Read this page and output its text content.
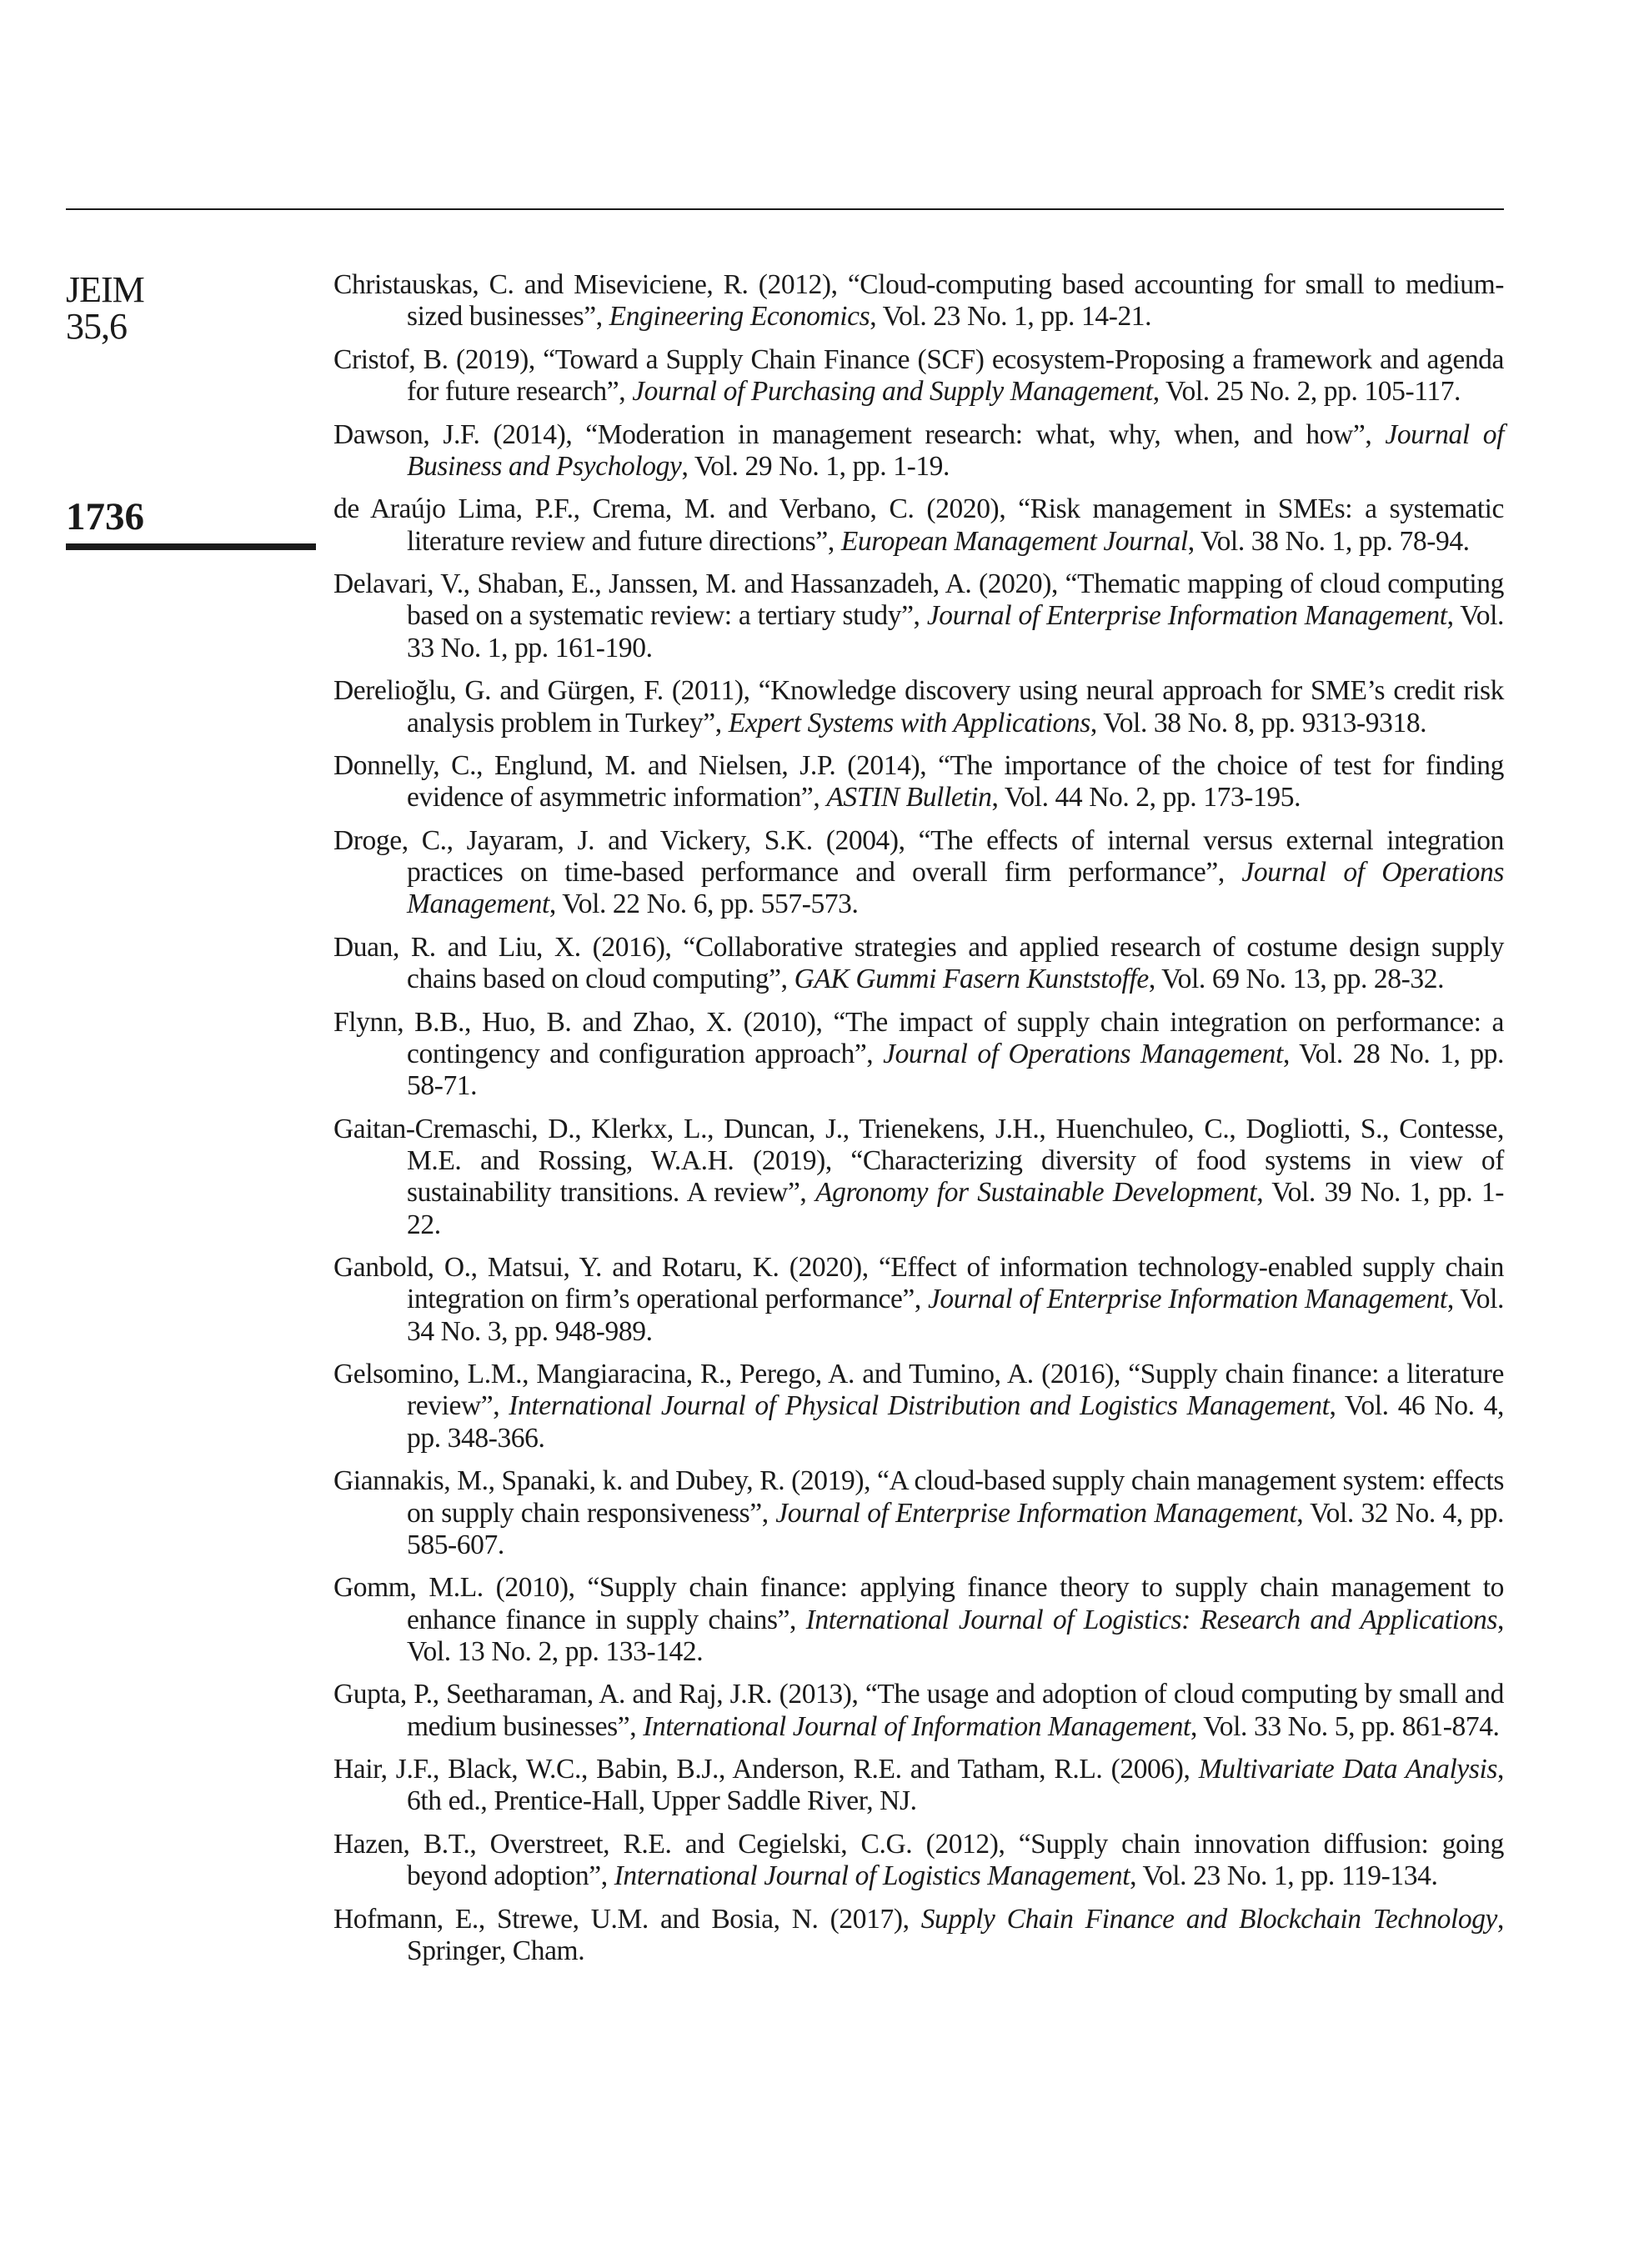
JEIM
35,6
1736

Christauskas, C. and Miseviciene, R. (2012), “Cloud-computing based accounting for small to medium-sized businesses”, Engineering Economics, Vol. 23 No. 1, pp. 14-21.

Cristof, B. (2019), “Toward a Supply Chain Finance (SCF) ecosystem-Proposing a framework and agenda for future research”, Journal of Purchasing and Supply Management, Vol. 25 No. 2, pp. 105-117.

Dawson, J.F. (2014), “Moderation in management research: what, why, when, and how”, Journal of Business and Psychology, Vol. 29 No. 1, pp. 1-19.

de Araújo Lima, P.F., Crema, M. and Verbano, C. (2020), “Risk management in SMEs: a systematic literature review and future directions”, European Management Journal, Vol. 38 No. 1, pp. 78-94.

Delavari, V., Shaban, E., Janssen, M. and Hassanzadeh, A. (2020), “Thematic mapping of cloud computing based on a systematic review: a tertiary study”, Journal of Enterprise Information Management, Vol. 33 No. 1, pp. 161-190.

Derelioğlu, G. and Gürgen, F. (2011), “Knowledge discovery using neural approach for SME’s credit risk analysis problem in Turkey”, Expert Systems with Applications, Vol. 38 No. 8, pp. 9313-9318.

Donnelly, C., Englund, M. and Nielsen, J.P. (2014), “The importance of the choice of test for finding evidence of asymmetric information”, ASTIN Bulletin, Vol. 44 No. 2, pp. 173-195.

Droge, C., Jayaram, J. and Vickery, S.K. (2004), “The effects of internal versus external integration practices on time-based performance and overall firm performance”, Journal of Operations Management, Vol. 22 No. 6, pp. 557-573.

Duan, R. and Liu, X. (2016), “Collaborative strategies and applied research of costume design supply chains based on cloud computing”, GAK Gummi Fasern Kunststoffe, Vol. 69 No. 13, pp. 28-32.

Flynn, B.B., Huo, B. and Zhao, X. (2010), “The impact of supply chain integration on performance: a contingency and configuration approach”, Journal of Operations Management, Vol. 28 No. 1, pp. 58-71.

Gaitan-Cremaschi, D., Klerkx, L., Duncan, J., Trienekens, J.H., Huenchuleo, C., Dogliotti, S., Contesse, M.E. and Rossing, W.A.H. (2019), “Characterizing diversity of food systems in view of sustainability transitions. A review”, Agronomy for Sustainable Development, Vol. 39 No. 1, pp. 1-22.

Ganbold, O., Matsui, Y. and Rotaru, K. (2020), “Effect of information technology-enabled supply chain integration on firm’s operational performance”, Journal of Enterprise Information Management, Vol. 34 No. 3, pp. 948-989.

Gelsomino, L.M., Mangiaracina, R., Perego, A. and Tumino, A. (2016), “Supply chain finance: a literature review”, International Journal of Physical Distribution and Logistics Management, Vol. 46 No. 4, pp. 348-366.

Giannakis, M., Spanaki, k. and Dubey, R. (2019), “A cloud-based supply chain management system: effects on supply chain responsiveness”, Journal of Enterprise Information Management, Vol. 32 No. 4, pp. 585-607.

Gomm, M.L. (2010), “Supply chain finance: applying finance theory to supply chain management to enhance finance in supply chains”, International Journal of Logistics: Research and Applications, Vol. 13 No. 2, pp. 133-142.

Gupta, P., Seetharaman, A. and Raj, J.R. (2013), “The usage and adoption of cloud computing by small and medium businesses”, International Journal of Information Management, Vol. 33 No. 5, pp. 861-874.

Hair, J.F., Black, W.C., Babin, B.J., Anderson, R.E. and Tatham, R.L. (2006), Multivariate Data Analysis, 6th ed., Prentice-Hall, Upper Saddle River, NJ.

Hazen, B.T., Overstreet, R.E. and Cegielski, C.G. (2012), “Supply chain innovation diffusion: going beyond adoption”, International Journal of Logistics Management, Vol. 23 No. 1, pp. 119-134.

Hofmann, E., Strewe, U.M. and Bosia, N. (2017), Supply Chain Finance and Blockchain Technology, Springer, Cham.
